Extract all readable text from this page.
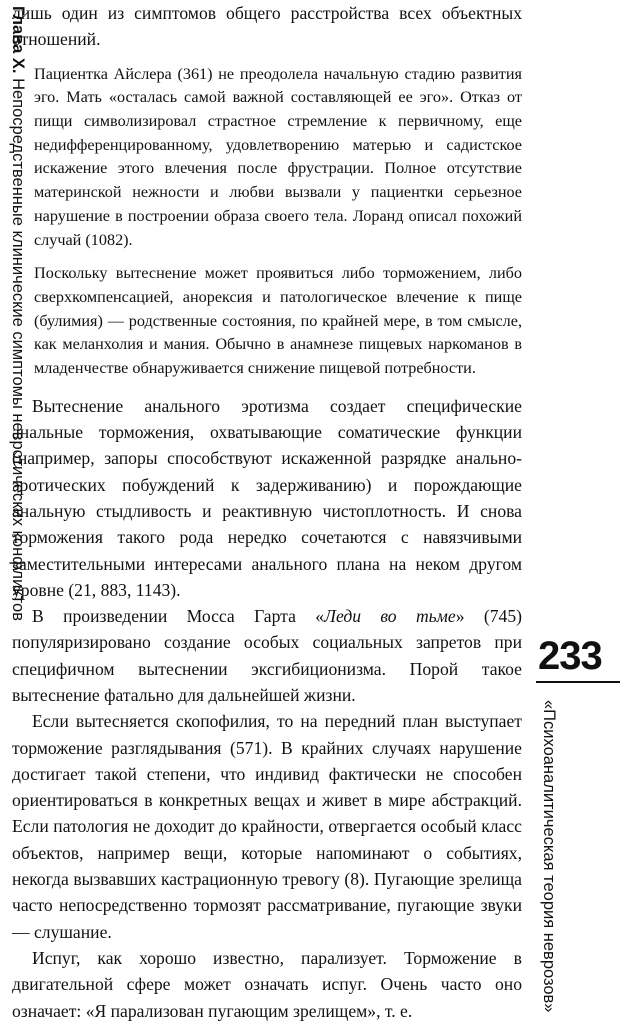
лишь один из симптомов общего расстройства всех объектных отношений.

Пациентка Айслера (361) не преодолела начальную стадию развития эго. Мать «осталась самой важной составляющей ее эго». Отказ от пищи символизировал страстное стремление к первичному, еще недифференцированному, удовлетворению матерью и садистское искажение этого влечения после фрустрации. Полное отсутствие материнской нежности и любви вызвали у пациентки серьезное нарушение в построении образа своего тела. Лоранд описал похожий случай (1082).

Поскольку вытеснение может проявиться либо торможением, либо сверхкомпенсацией, анорексия и патологическое влечение к пище (булимия) — родственные состояния, по крайней мере, в том смысле, как меланхолия и мания. Обычно в анамнезе пищевых наркоманов в младенчестве обнаруживается снижение пищевой потребности.

Вытеснение анального эротизма создает специфические анальные торможения, охватывающие соматические функции (например, запоры способствуют искаженной разрядке анально-эротических побуждений к задерживанию) и порождающие анальную стыдливость и реактивную чистоплотность. И снова торможения такого рода нередко сочетаются с навязчивыми заместительными интересами анального плана на неком другом уровне (21, 883, 1143).

В произведении Мосса Гарта «Леди во тьме» (745) популяризировано создание особых социальных запретов при специфичном вытеснении эксгибиционизма. Порой такое вытеснение фатально для дальнейшей жизни.

Если вытесняется скопофилия, то на передний план выступает торможение разглядывания (571). В крайних случаях нарушение достигает такой степени, что индивид фактически не способен ориентироваться в конкретных вещах и живет в мире абстракций. Если патология не доходит до крайности, отвергается особый класс объектов, например вещи, которые напоминают о событиях, некогда вызвавших кастрационную тревогу (8). Пугающие зрелища часто непосредственно тормозят рассматривание, пугающие звуки — слушание.

Испуг, как хорошо известно, парализует. Торможение в двигательной сфере может означать испуг. Очень часто оно означает: «Я парализован пугающим зрелищем», т. е.

Глава X. Непосредственные клинические симптомы невротических конфликтов
233
«Психоаналитическая теория неврозов»
